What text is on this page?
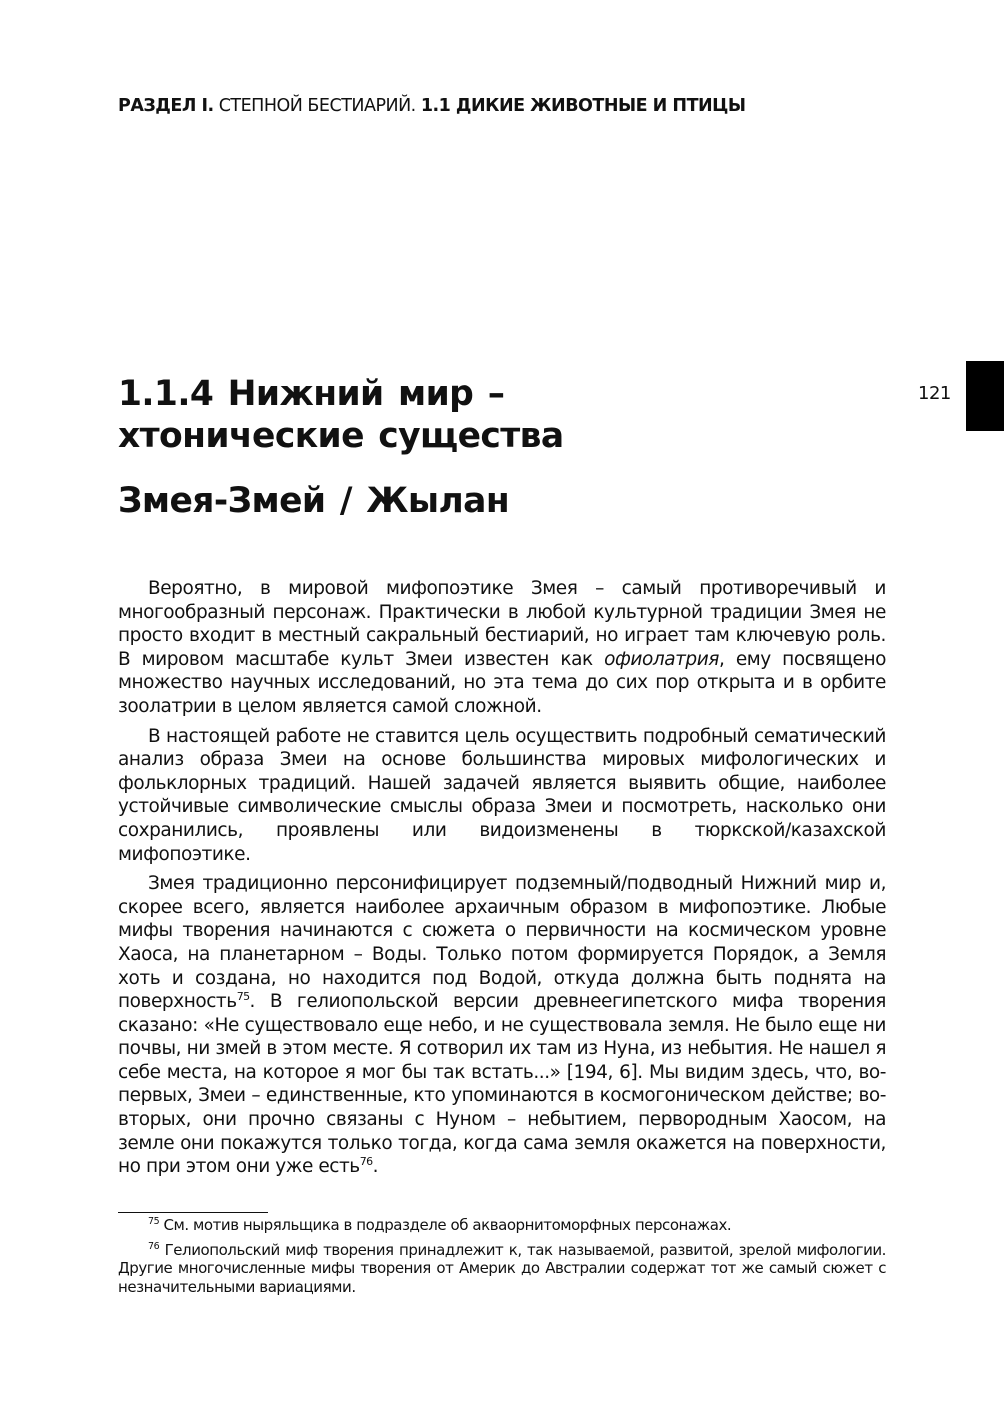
РАЗДЕЛ I. СТЕПНОЙ БЕСТИАРИЙ. 1.1 ДИКИЕ ЖИВОТНЫЕ И ПТИЦЫ
121
1.1.4 Нижний мир –
хтонические существа
Змея-Змей / Жылан

Вероятно, в мировой мифопоэтике Змея – самый противоречивый и многообразный персонаж. Практически в любой культурной традиции Змея не просто входит в местный сакральный бестиарий, но играет там ключевую роль. В мировом масштабе культ Змеи известен как офиолатрия, ему посвящено множество научных исследований, но эта тема до сих пор открыта и в орбите зоолатрии в целом является самой сложной.

В настоящей работе не ставится цель осуществить подробный сематический анализ образа Змеи на основе большинства мировых мифологических и фольклорных традиций. Нашей задачей является выявить общие, наиболее устойчивые символические смыслы образа Змеи и посмотреть, насколько они сохранились, проявлены или видоизменены в тюркской/казахской мифопоэтике.

Змея традиционно персонифицирует подземный/подводный Нижний мир и, скорее всего, является наиболее архаичным образом в мифопоэтике. Любые мифы творения начинаются с сюжета о первичности на космическом уровне Хаоса, на планетарном – Воды. Только потом формируется Порядок, а Земля хоть и создана, но находится под Водой, откуда должна быть поднята на поверхность$^{75}$. В гелиопольской версии древнеегипетского мифа творения сказано: «Не существовало еще небо, и не существовала земля. Не было еще ни почвы, ни змей в этом месте. Я сотворил их там из Нуна, из небытия. Не нашел я себе места, на которое я мог бы так встать...» [194, 6]. Мы видим здесь, что, во-первых, Змеи – единственные, кто упоминаются в космогоническом действе; во-вторых, они прочно связаны с Нуном – небытием, первородным Хаосом, на земле они покажутся только тогда, когда сама земля окажется на поверхности, но при этом они уже есть$^{76}$.

$^{75}$ См. мотив ныряльщика в подразделе об акваорнитоморфных персонажах.

$^{76}$ Гелиопольский миф творения принадлежит к, так называемой, развитой, зрелой мифологии. Другие многочисленные мифы творения от Америк до Австралии содержат тот же самый сюжет с незначительными вариациями.
